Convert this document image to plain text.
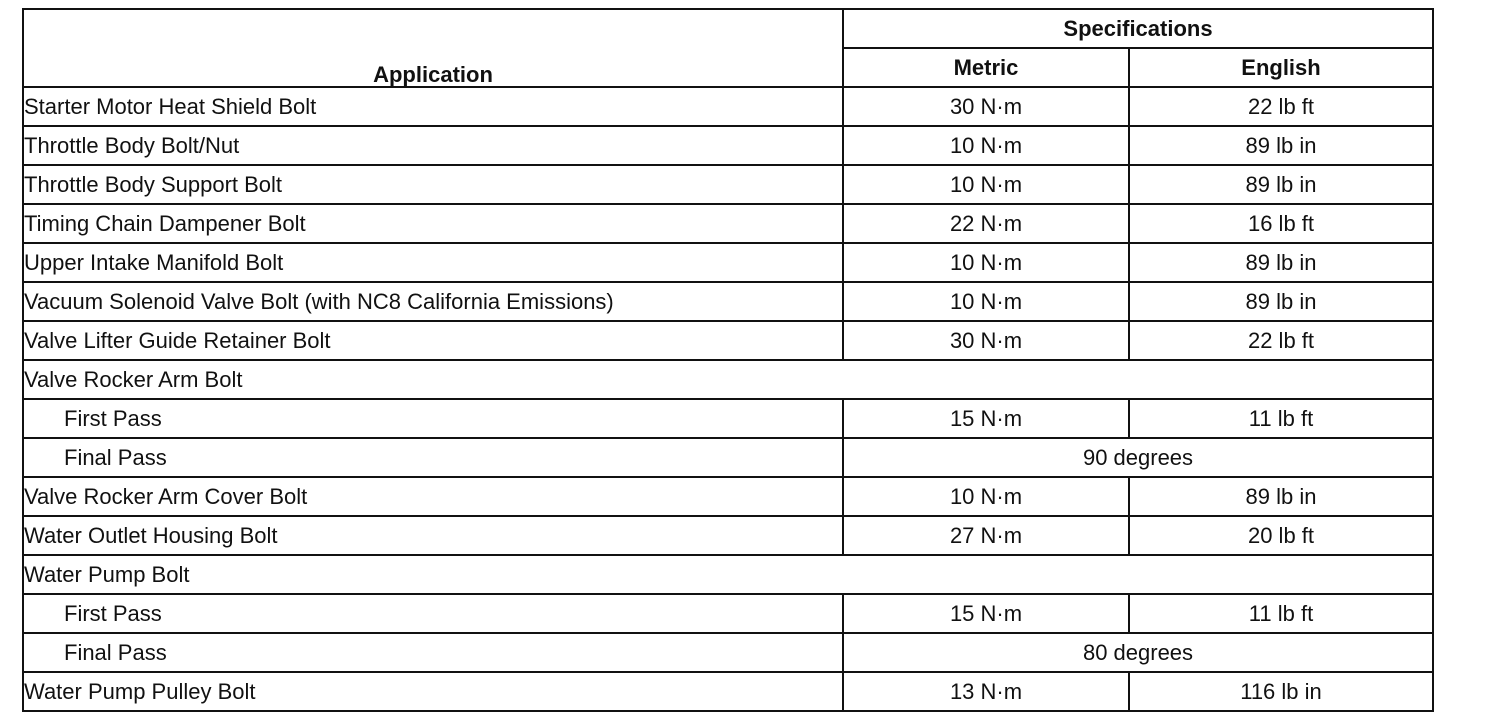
Application	Specifications	
	Metric	English
Starter Motor Heat Shield Bolt	30 N·m	22 lb ft
Throttle Body Bolt/Nut	10 N·m	89 lb in
Throttle Body Support Bolt	10 N·m	89 lb in
Timing Chain Dampener Bolt	22 N·m	16 lb ft
Upper Intake Manifold Bolt	10 N·m	89 lb in
Vacuum Solenoid Valve Bolt (with NC8 California Emissions)	10 N·m	89 lb in
Valve Lifter Guide Retainer Bolt	30 N·m	22 lb ft
Valve Rocker Arm Bolt		
First Pass	15 N·m	11 lb ft
Final Pass	90 degrees	
Valve Rocker Arm Cover Bolt	10 N·m	89 lb in
Water Outlet Housing Bolt	27 N·m	20 lb ft
Water Pump Bolt		
First Pass	15 N·m	11 lb ft
Final Pass	80 degrees	
Water Pump Pulley Bolt	13 N·m	116 lb in
